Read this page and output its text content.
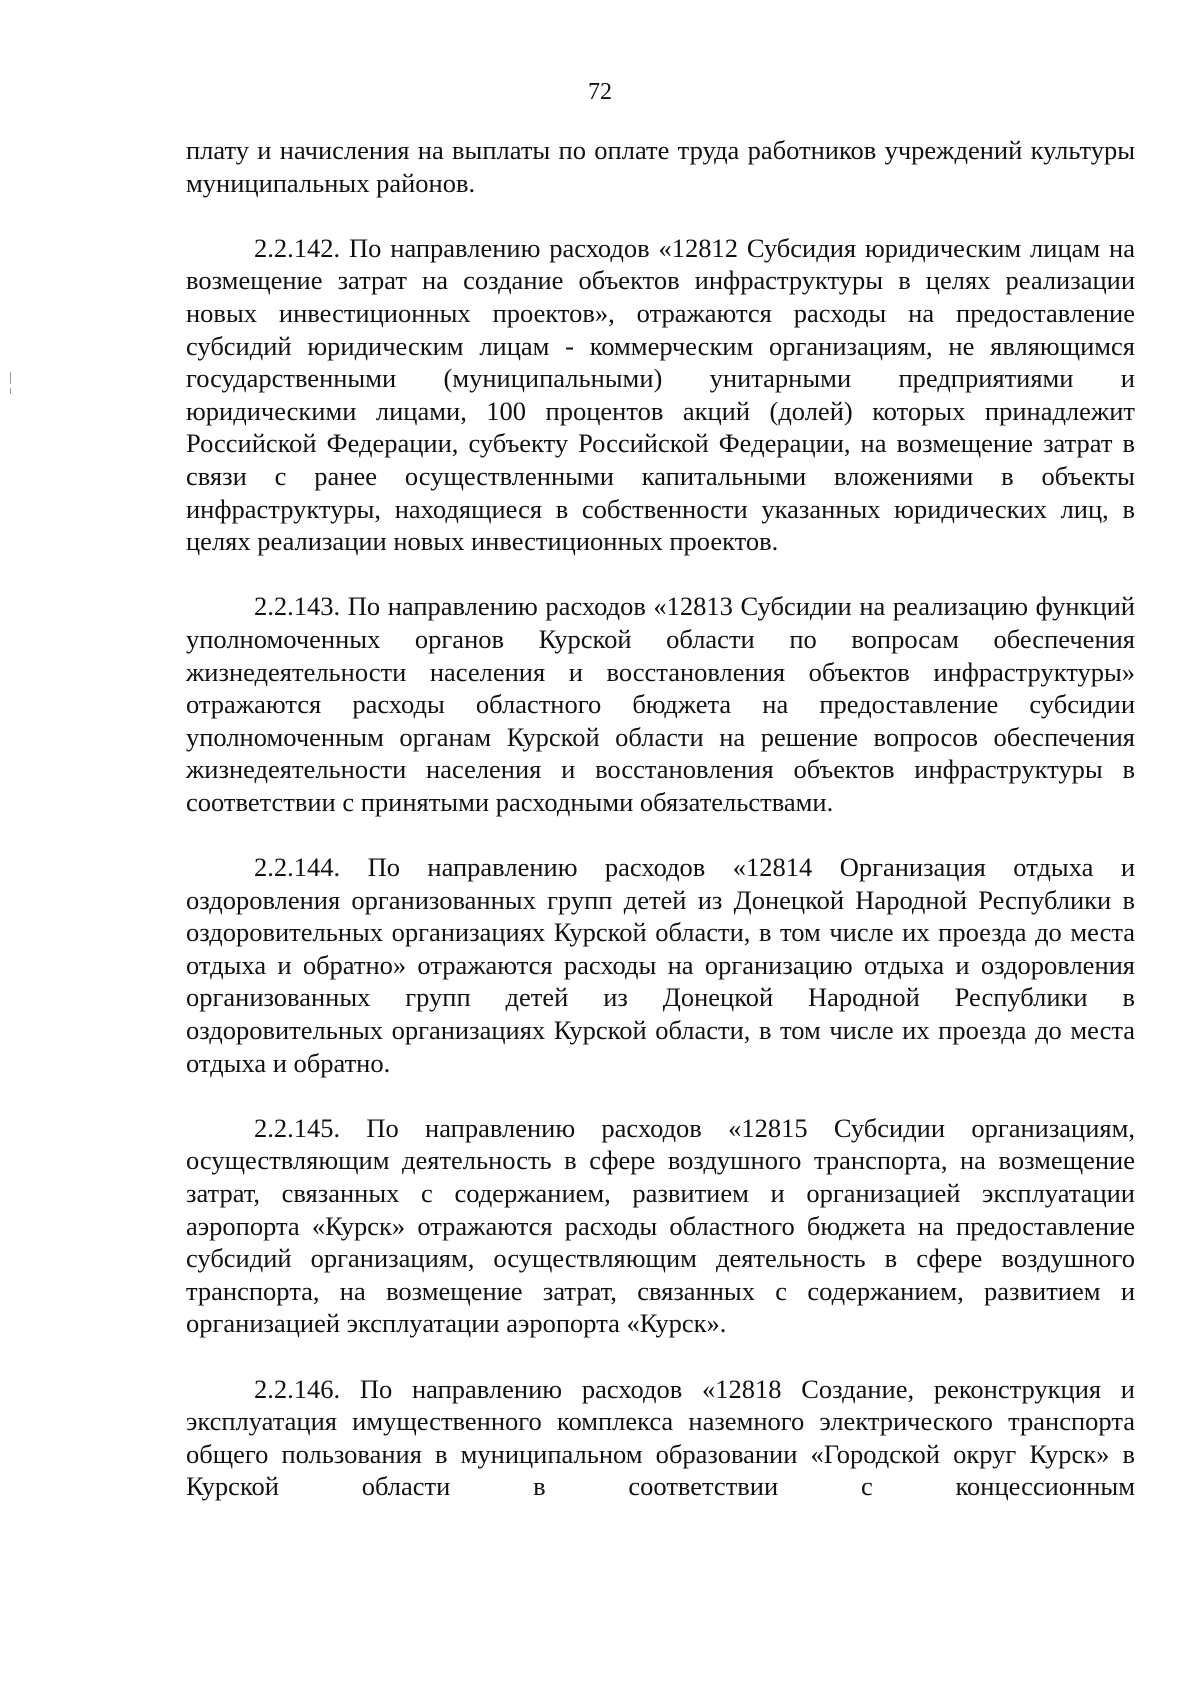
72

плату и начисления на выплаты по оплате труда работников учреждений культуры муниципальных районов.

2.2.142. По направлению расходов «12812 Субсидия юридическим лицам на возмещение затрат на создание объектов инфраструктуры в целях реализации новых инвестиционных проектов», отражаются расходы на предоставление субсидий юридическим лицам - коммерческим организациям, не являющимся государственными (муниципальными) унитарными предприятиями и юридическими лицами, 100 процентов акций (долей) которых принадлежит Российской Федерации, субъекту Российской Федерации, на возмещение затрат в связи с ранее осуществленными капитальными вложениями в объекты инфраструктуры, находящиеся в собственности указанных юридических лиц, в целях реализации новых инвестиционных проектов.

2.2.143. По направлению расходов «12813 Субсидии на реализацию функций уполномоченных органов Курской области по вопросам обеспечения жизнедеятельности населения и восстановления объектов инфраструктуры» отражаются расходы областного бюджета на предоставление субсидии уполномоченным органам Курской области на решение вопросов обеспечения жизнедеятельности населения и восстановления объектов инфраструктуры в соответствии с принятыми расходными обязательствами.

2.2.144. По направлению расходов «12814 Организация отдыха и оздоровления организованных групп детей из Донецкой Народной Республики в оздоровительных организациях Курской области, в том числе их проезда до места отдыха и обратно» отражаются расходы на организацию отдыха и оздоровления организованных групп детей из Донецкой Народной Республики в оздоровительных организациях Курской области, в том числе их проезда до места отдыха и обратно.

2.2.145. По направлению расходов «12815 Субсидии организациям, осуществляющим деятельность в сфере воздушного транспорта, на возмещение затрат, связанных с содержанием, развитием и организацией эксплуатации аэропорта «Курск» отражаются расходы областного бюджета на предоставление субсидий организациям, осуществляющим деятельность в сфере воздушного транспорта, на возмещение затрат, связанных с содержанием, развитием и организацией эксплуатации аэропорта «Курск».

2.2.146. По направлению расходов «12818 Создание, реконструкция и эксплуатация имущественного комплекса наземного электрического транспорта общего пользования в муниципальном образовании «Городской округ Курск» в Курской области в соответствии с концессионным
